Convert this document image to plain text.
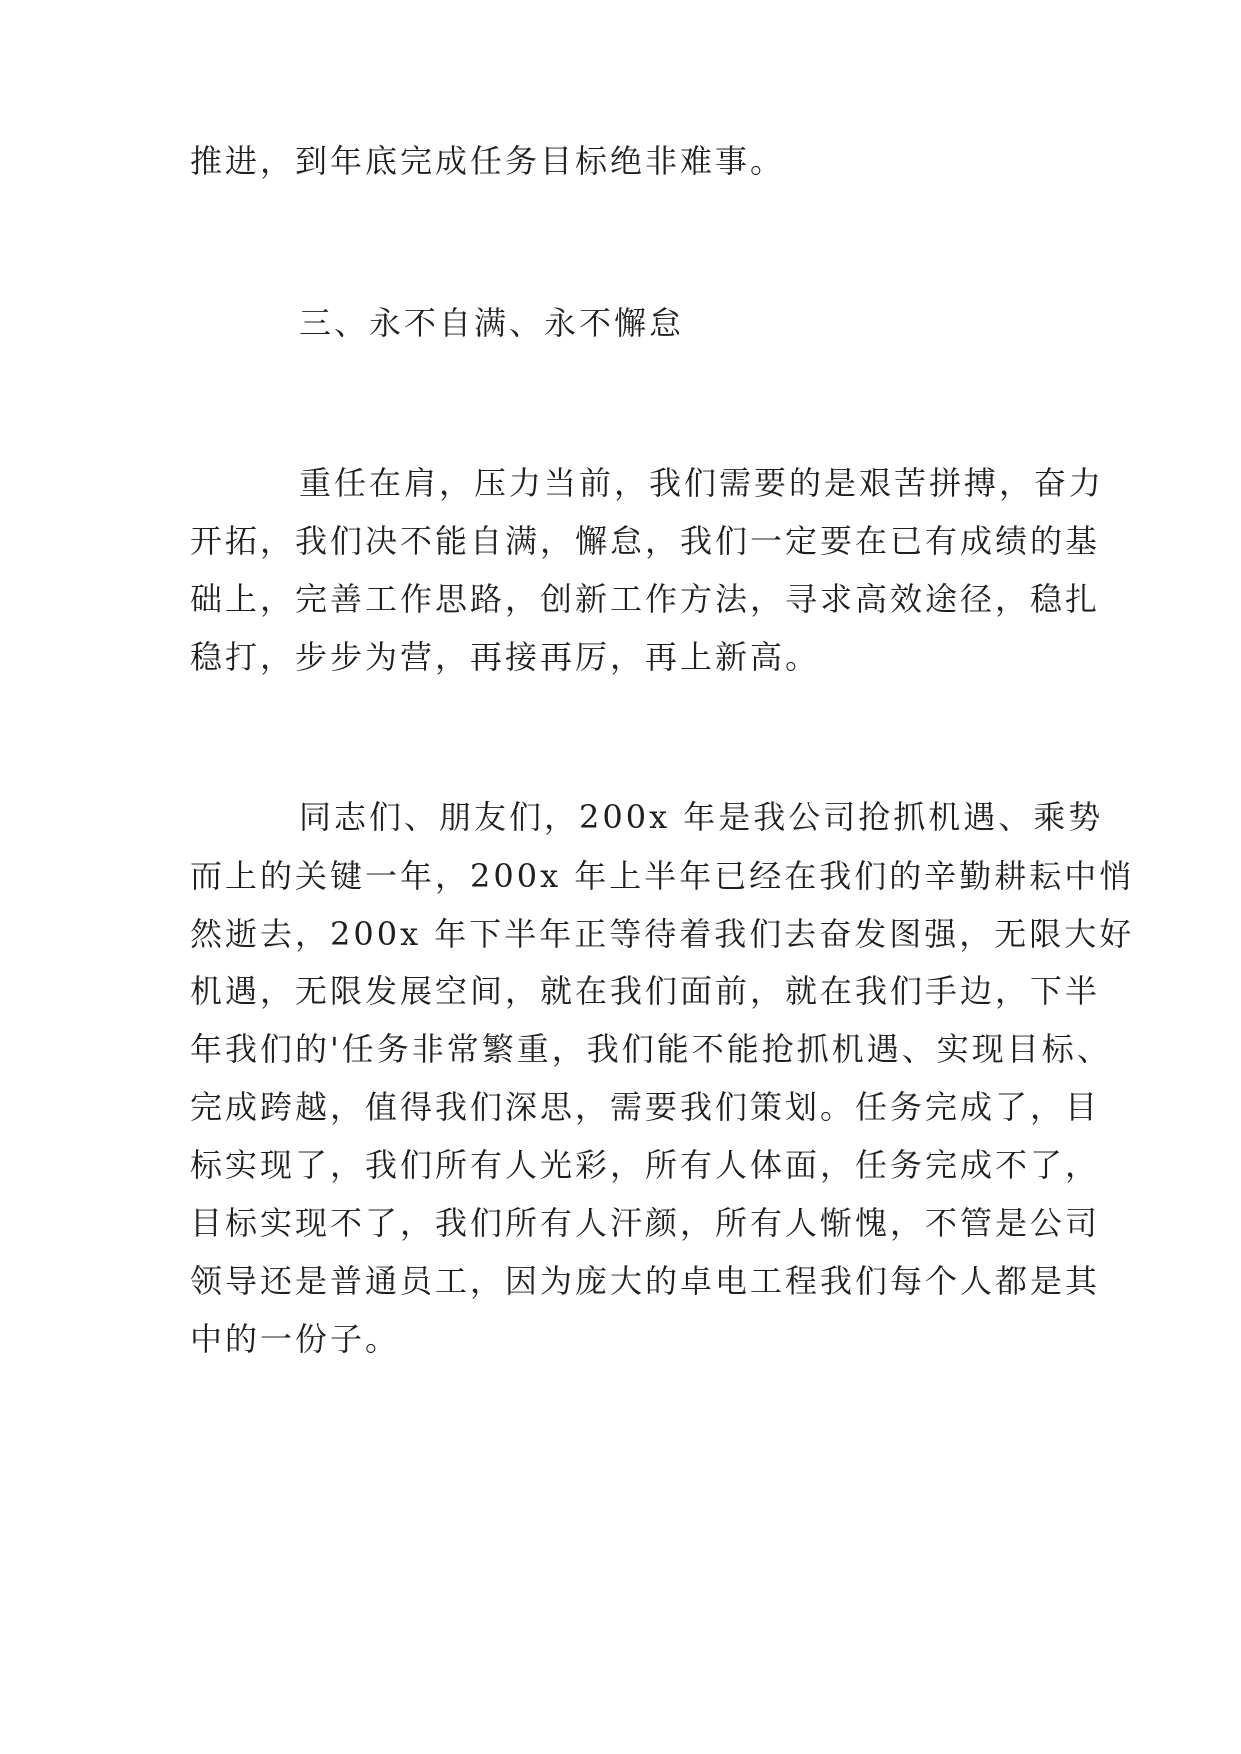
推进，到年底完成任务目标绝非难事。
三、永不自满、永不懈怠
重任在肩，压力当前，我们需要的是艰苦拼搏，奋力
开拓，我们决不能自满，懈怠，我们一定要在已有成绩的基
础上，完善工作思路，创新工作方法，寻求高效途径，稳扎
稳打，步步为营，再接再厉，再上新高。
同志们、朋友们，200x 年是我公司抢抓机遇、乘势
而上的关键一年，200x 年上半年已经在我们的辛勤耕耘中悄
然逝去，200x 年下半年正等待着我们去奋发图强，无限大好
机遇，无限发展空间，就在我们面前，就在我们手边，下半
年我们的'任务非常繁重，我们能不能抢抓机遇、实现目标、
完成跨越，值得我们深思，需要我们策划。任务完成了，目
标实现了，我们所有人光彩，所有人体面，任务完成不了，
目标实现不了，我们所有人汗颜，所有人惭愧，不管是公司
领导还是普通员工，因为庞大的卓电工程我们每个人都是其
中的一份子。
